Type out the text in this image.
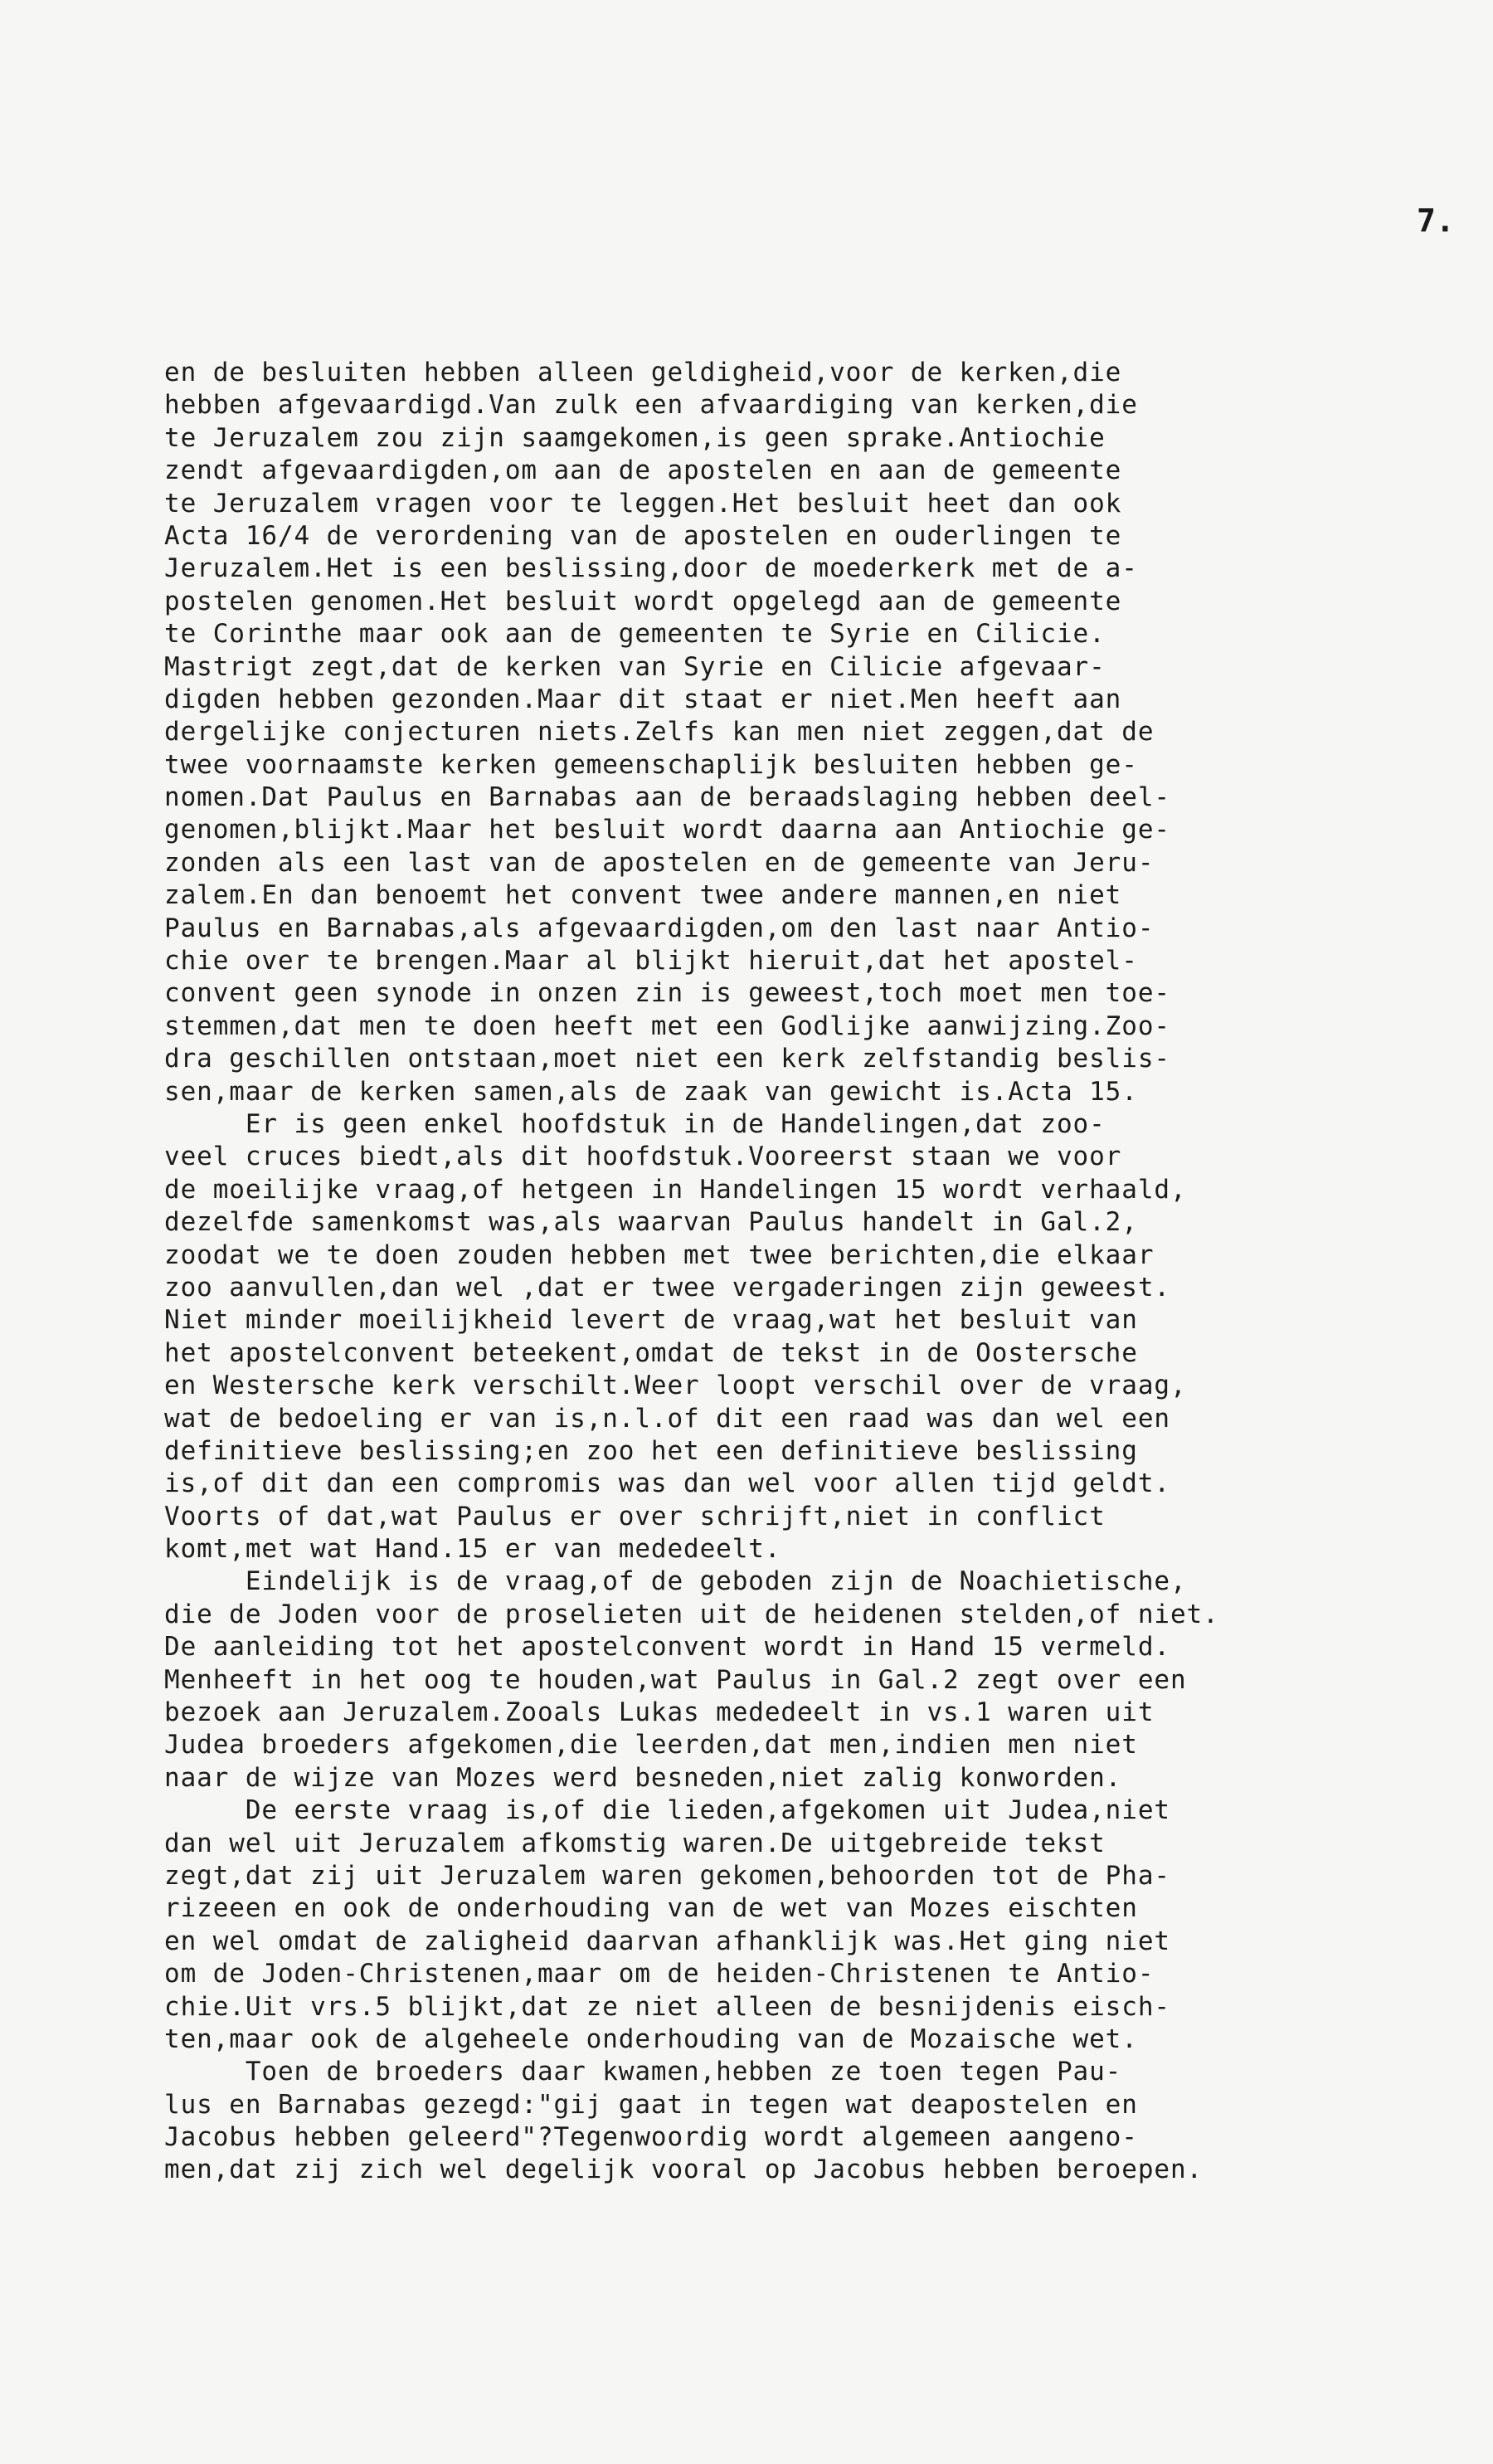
7.
en de besluiten hebben alleen geldigheid,voor de kerken,die
hebben afgevaardigd.Van zulk een afvaardiging van kerken,die
te Jeruzalem zou zijn saamgekomen,is geen sprake.Antiochie
zendt afgevaardigden,om aan de apostelen en aan de gemeente
te Jeruzalem vragen voor te leggen.Het besluit heet dan ook
Acta 16/4 de verordening van de apostelen en ouderlingen te
Jeruzalem.Het is een beslissing,door de moederkerk met de a-
postelen genomen.Het besluit wordt opgelegd aan de gemeente
te Corinthe maar ook aan de gemeenten te Syrie en Cilicie.
Mastrigt zegt,dat de kerken van Syrie en Cilicie afgevaar-
digden hebben gezonden.Maar dit staat er niet.Men heeft aan
dergelijke conjecturen niets.Zelfs kan men niet zeggen,dat de
twee voornaamste kerken gemeenschaplijk besluiten hebben ge-
nomen.Dat Paulus en Barnabas aan de beraadslaging hebben deel-
genomen,blijkt.Maar het besluit wordt daarna aan Antiochie ge-
zonden als een last van de apostelen en de gemeente van Jeru-
zalem.En dan benoemt het convent twee andere mannen,en niet
Paulus en Barnabas,als afgevaardigden,om den last naar Antio-
chie over te brengen.Maar al blijkt hieruit,dat het apostel-
convent geen synode in onzen zin is geweest,toch moet men toe-
stemmen,dat men te doen heeft met een Godlijke aanwijzing.Zoo-
dra geschillen ontstaan,moet niet een kerk zelfstandig beslis-
sen,maar de kerken samen,als de zaak van gewicht is.Acta 15.
Er is geen enkel hoofdstuk in de Handelingen,dat zoo-
veel cruces biedt,als dit hoofdstuk.Vooreerst staan we voor
de moeilijke vraag,of hetgeen in Handelingen 15 wordt verhaald,
dezelfde samenkomst was,als waarvan Paulus handelt in Gal.2,
zoodat we te doen zouden hebben met twee berichten,die elkaar
zoo aanvullen,dan wel ,dat er twee vergaderingen zijn geweest.
Niet minder moeilijkheid levert de vraag,wat het besluit van
het apostelconvent beteekent,omdat de tekst in de Oostersche
en Westersche kerk verschilt.Weer loopt verschil over de vraag,
wat de bedoeling er van is,n.l.of dit een raad was dan wel een
definitieve beslissing;en zoo het een definitieve beslissing
is,of dit dan een compromis was dan wel voor allen tijd geldt.
Voorts of dat,wat Paulus er over schrijft,niet in conflict
komt,met wat Hand.15 er van mededeelt.
Eindelijk is de vraag,of de geboden zijn de Noachietische,
die de Joden voor de proselieten uit de heidenen stelden,of niet.
De aanleiding tot het apostelconvent wordt in Hand 15 vermeld.
Menheeft in het oog te houden,wat Paulus in Gal.2 zegt over een
bezoek aan Jeruzalem.Zooals Lukas mededeelt in vs.1 waren uit
Judea broeders afgekomen,die leerden,dat men,indien men niet
naar de wijze van Mozes werd besneden,niet zalig konworden.
De eerste vraag is,of die lieden,afgekomen uit Judea,niet
dan wel uit Jeruzalem afkomstig waren.De uitgebreide tekst
zegt,dat zij uit Jeruzalem waren gekomen,behoorden tot de Pha-
rizeeen en ook de onderhouding van de wet van Mozes eischten
en wel omdat de zaligheid daarvan afhanklijk was.Het ging niet
om de Joden-Christenen,maar om de heiden-Christenen te Antio-
chie.Uit vrs.5 blijkt,dat ze niet alleen de besnijdenis eisch-
ten,maar ook de algeheele onderhouding van de Mozaische wet.
Toen de broeders daar kwamen,hebben ze toen tegen Pau-
lus en Barnabas gezegd:"gij gaat in tegen wat deapostelen en
Jacobus hebben geleerd"?Tegenwoordig wordt algemeen aangeno-
men,dat zij zich wel degelijk vooral op Jacobus hebben beroepen.
